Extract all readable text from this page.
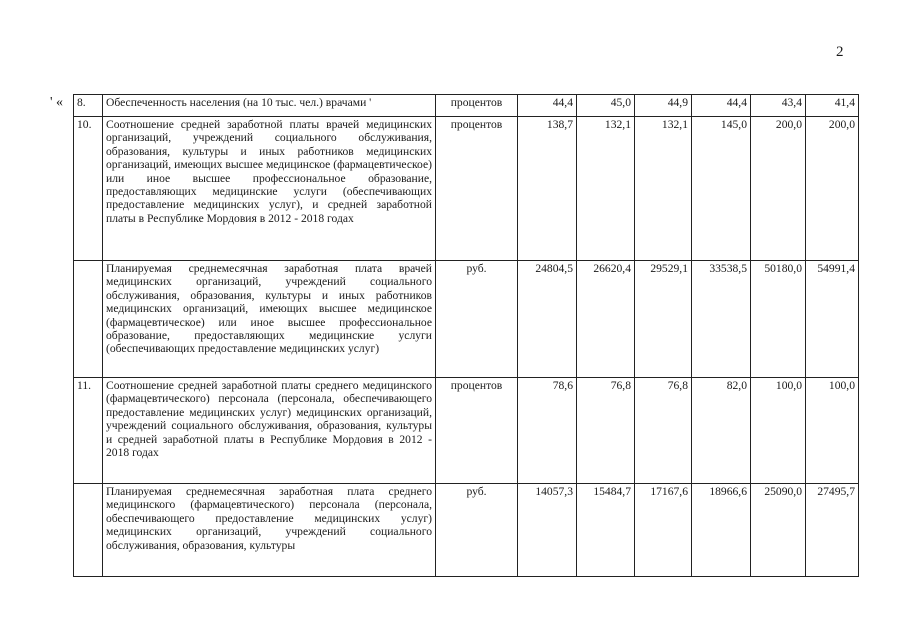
2
' « 8.	Обеспеченность населения (на 10 тыс. чел.) врачами '	процентов	44,4	45,0	44,9	44,4	43,4	41,4
10.	Соотношение средней заработной платы врачей медицинских организаций, учреждений социального обслуживания, образования, культуры и иных работников медицинских организаций, имеющих высшее медицинское (фармацевтическое) или иное высшее профессиональное образование, предоставляющих медицинские услуги (обеспечивающих предоставление медицинских услуг), и средней заработной платы в Республике Мордовия в 2012 - 2018 годах	процентов	138,7	132,1	132,1	145,0	200,0	200,0
	Планируемая среднемесячная заработная плата врачей медицинских организаций, учреждений социального обслуживания, образования, культуры и иных работников медицинских организаций, имеющих высшее медицинское (фармацевтическое) или иное высшее профессиональное образование, предоставляющих медицинские услуги (обеспечивающих предоставление медицинских услуг)	руб.	24804,5	26620,4	29529,1	33538,5	50180,0	54991,4
11.	Соотношение средней заработной платы среднего медицинского (фармацевтического) персонала (персонала, обеспечивающего предоставление медицинских услуг) медицинских организаций, учреждений социального обслуживания, образования, культуры и средней заработной платы в Республике Мордовия в 2012 - 2018 годах	процентов	78,6	76,8	76,8	82,0	100,0	100,0
	Планируемая среднемесячная заработная плата среднего медицинского (фармацевтического) персонала (персонала, обеспечивающего предоставление медицинских услуг) медицинских организаций, учреждений социального обслуживания, образования, культуры	руб.	14057,3	15484,7	17167,6	18966,6	25090,0	27495,7
